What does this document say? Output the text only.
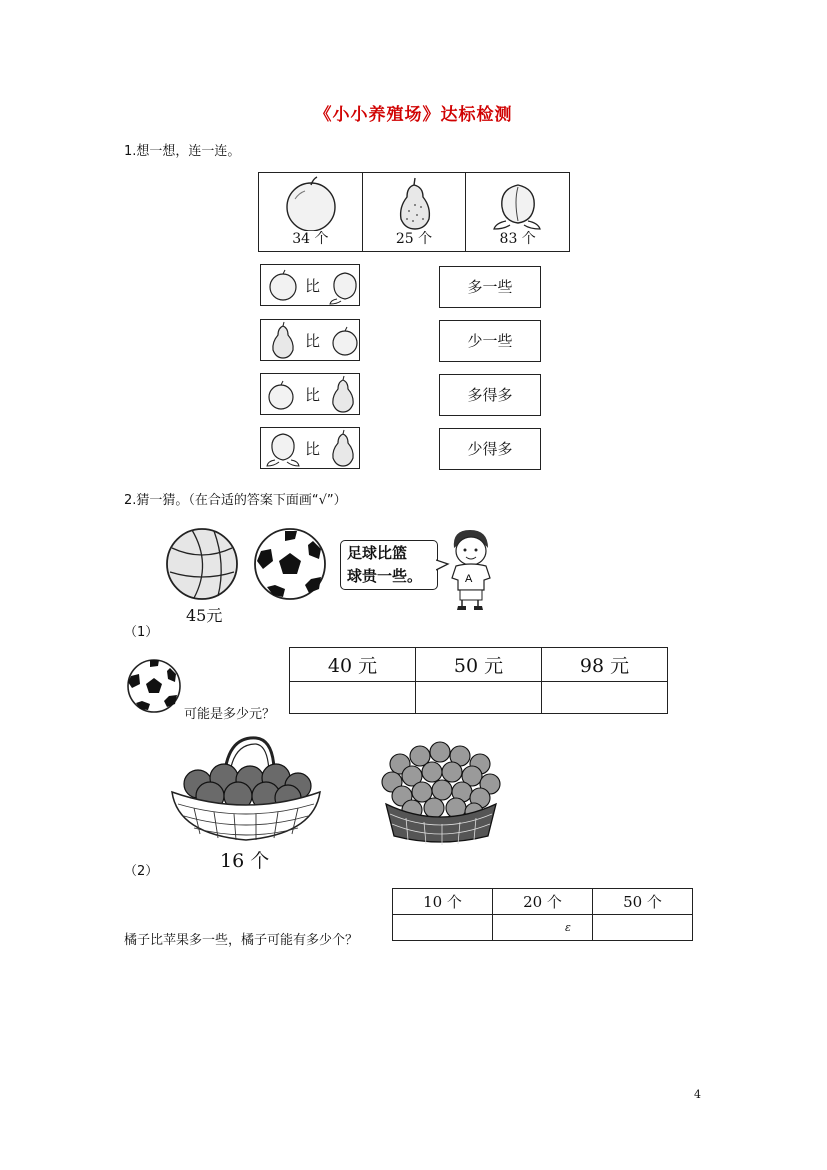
《小小养殖场》达标检测
1.想一想，连一连。
34 个	25 个	83 个
比
比
比
比
多一些
少一些
多得多
少得多
2.猜一猜。（在合适的答案下面画“√”）
45元
足球比篮
球贵一些。	A
（1）
可能是多少元？
40 元	50 元	98 元

16 个
（2）
10 个	20 个	50 个

	ε	

橘子比苹果多一些，橘子可能有多少个？
4
